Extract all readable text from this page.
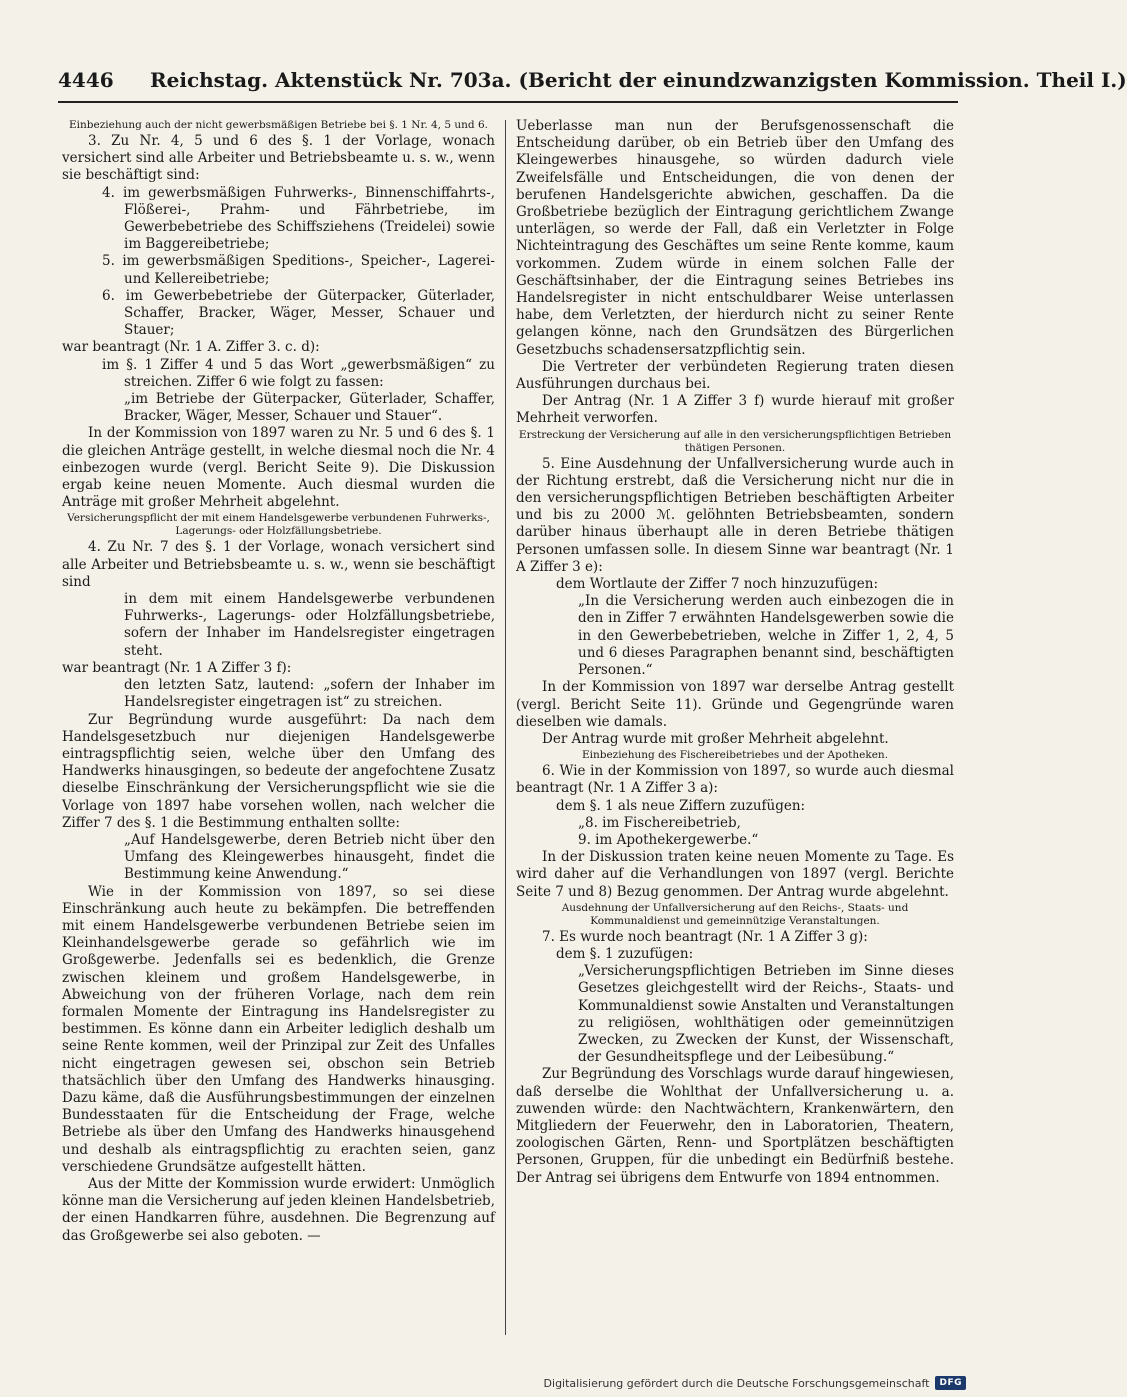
4446 Reichstag. Aktenstück Nr. 703a. (Bericht der einundzwanzigsten Kommission. Theil I.)

Einbeziehung auch der nicht gewerbsmäßigen Betriebe bei §. 1 Nr. 4, 5 und 6.

3. Zu Nr. 4, 5 und 6 des §. 1 der Vorlage, wonach versichert sind alle Arbeiter und Betriebsbeamte u. s. w., wenn sie beschäftigt sind:

4. im gewerbsmäßigen Fuhrwerks-, Binnenschiffahrts-, Flößerei-, Prahm- und Fährbetriebe, im Gewerbebetriebe des Schiffsziehens (Treidelei) sowie im Baggereibetriebe;

5. im gewerbsmäßigen Speditions-, Speicher-, Lagerei- und Kellereibetriebe;

6. im Gewerbebetriebe der Güterpacker, Güterlader, Schaffer, Bracker, Wäger, Messer, Schauer und Stauer;

war beantragt (Nr. 1 A. Ziffer 3. c. d):

im §. 1 Ziffer 4 und 5 das Wort „gewerbsmäßigen“ zu streichen. Ziffer 6 wie folgt zu fassen:

„im Betriebe der Güterpacker, Güterlader, Schaffer, Bracker, Wäger, Messer, Schauer und Stauer“.

In der Kommission von 1897 waren zu Nr. 5 und 6 des §. 1 die gleichen Anträge gestellt, in welche diesmal noch die Nr. 4 einbezogen wurde (vergl. Bericht Seite 9). Die Diskussion ergab keine neuen Momente. Auch diesmal wurden die Anträge mit großer Mehrheit abgelehnt.

Versicherungspflicht der mit einem Handelsgewerbe verbundenen Fuhrwerks-, Lagerungs- oder Holzfällungsbetriebe.

4. Zu Nr. 7 des §. 1 der Vorlage, wonach versichert sind alle Arbeiter und Betriebsbeamte u. s. w., wenn sie beschäftigt sind

in dem mit einem Handelsgewerbe verbundenen Fuhrwerks-, Lagerungs- oder Holzfällungsbetriebe, sofern der Inhaber im Handelsregister eingetragen steht.

war beantragt (Nr. 1 A Ziffer 3 f):

den letzten Satz, lautend: „sofern der Inhaber im Handelsregister eingetragen ist“ zu streichen.

Zur Begründung wurde ausgeführt: Da nach dem Handelsgesetzbuch nur diejenigen Handelsgewerbe eintragspflichtig seien, welche über den Umfang des Handwerks hinausgingen, so bedeute der angefochtene Zusatz dieselbe Einschränkung der Versicherungspflicht wie sie die Vorlage von 1897 habe vorsehen wollen, nach welcher die Ziffer 7 des §. 1 die Bestimmung enthalten sollte:

„Auf Handelsgewerbe, deren Betrieb nicht über den Umfang des Kleingewerbes hinausgeht, findet die Bestimmung keine Anwendung.“

Wie in der Kommission von 1897, so sei diese Einschränkung auch heute zu bekämpfen. Die betreffenden mit einem Handelsgewerbe verbundenen Betriebe seien im Kleinhandelsgewerbe gerade so gefährlich wie im Großgewerbe. Jedenfalls sei es bedenklich, die Grenze zwischen kleinem und großem Handelsgewerbe, in Abweichung von der früheren Vorlage, nach dem rein formalen Momente der Eintragung ins Handelsregister zu bestimmen. Es könne dann ein Arbeiter lediglich deshalb um seine Rente kommen, weil der Prinzipal zur Zeit des Unfalles nicht eingetragen gewesen sei, obschon sein Betrieb thatsächlich über den Umfang des Handwerks hinausging. Dazu käme, daß die Ausführungsbestimmungen der einzelnen Bundesstaaten für die Entscheidung der Frage, welche Betriebe als über den Umfang des Handwerks hinausgehend und deshalb als eintragspflichtig zu erachten seien, ganz verschiedene Grundsätze aufgestellt hätten.

Aus der Mitte der Kommission wurde erwidert: Unmöglich könne man die Versicherung auf jeden kleinen Handelsbetrieb, der einen Handkarren führe, ausdehnen. Die Begrenzung auf das Großgewerbe sei also geboten. —

Ueberlasse man nun der Berufsgenossenschaft die Entscheidung darüber, ob ein Betrieb über den Umfang des Kleingewerbes hinausgehe, so würden dadurch viele Zweifelsfälle und Entscheidungen, die von denen der berufenen Handelsgerichte abwichen, geschaffen. Da die Großbetriebe bezüglich der Eintragung gerichtlichem Zwange unterlägen, so werde der Fall, daß ein Verletzter in Folge Nichteintragung des Geschäftes um seine Rente komme, kaum vorkommen. Zudem würde in einem solchen Falle der Geschäftsinhaber, der die Eintragung seines Betriebes ins Handelsregister in nicht entschuldbarer Weise unterlassen habe, dem Verletzten, der hierdurch nicht zu seiner Rente gelangen könne, nach den Grundsätzen des Bürgerlichen Gesetzbuchs schadensersatzpflichtig sein.

Die Vertreter der verbündeten Regierung traten diesen Ausführungen durchaus bei.

Der Antrag (Nr. 1 A Ziffer 3 f) wurde hierauf mit großer Mehrheit verworfen.

Erstreckung der Versicherung auf alle in den versicherungspflichtigen Betrieben thätigen Personen.

5. Eine Ausdehnung der Unfallversicherung wurde auch in der Richtung erstrebt, daß die Versicherung nicht nur die in den versicherungspflichtigen Betrieben beschäftigten Arbeiter und bis zu 2000 ℳ. gelöhnten Betriebsbeamten, sondern darüber hinaus überhaupt alle in deren Betriebe thätigen Personen umfassen solle. In diesem Sinne war beantragt (Nr. 1 A Ziffer 3 e):

dem Wortlaute der Ziffer 7 noch hinzuzufügen:

„In die Versicherung werden auch einbezogen die in den in Ziffer 7 erwähnten Handelsgewerben sowie die in den Gewerbebetrieben, welche in Ziffer 1, 2, 4, 5 und 6 dieses Paragraphen benannt sind, beschäftigten Personen.“

In der Kommission von 1897 war derselbe Antrag gestellt (vergl. Bericht Seite 11). Gründe und Gegengründe waren dieselben wie damals.

Der Antrag wurde mit großer Mehrheit abgelehnt.

Einbeziehung des Fischereibetriebes und der Apotheken.

6. Wie in der Kommission von 1897, so wurde auch diesmal beantragt (Nr. 1 A Ziffer 3 a):

dem §. 1 als neue Ziffern zuzufügen:

„8. im Fischereibetrieb,

9. im Apothekergewerbe.“

In der Diskussion traten keine neuen Momente zu Tage. Es wird daher auf die Verhandlungen von 1897 (vergl. Berichte Seite 7 und 8) Bezug genommen. Der Antrag wurde abgelehnt.

Ausdehnung der Unfallversicherung auf den Reichs-, Staats- und Kommunaldienst und gemeinnützige Veranstaltungen.

7. Es wurde noch beantragt (Nr. 1 A Ziffer 3 g):

dem §. 1 zuzufügen:

„Versicherungspflichtigen Betrieben im Sinne dieses Gesetzes gleichgestellt wird der Reichs-, Staats- und Kommunaldienst sowie Anstalten und Veranstaltungen zu religiösen, wohlthätigen oder gemeinnützigen Zwecken, zu Zwecken der Kunst, der Wissenschaft, der Gesundheitspflege und der Leibesübung.“

Zur Begründung des Vorschlags wurde darauf hingewiesen, daß derselbe die Wohlthat der Unfallversicherung u. a. zuwenden würde: den Nachtwächtern, Krankenwärtern, den Mitgliedern der Feuerwehr, den in Laboratorien, Theatern, zoologischen Gärten, Renn- und Sportplätzen beschäftigten Personen, Gruppen, für die unbedingt ein Bedürfniß bestehe. Der Antrag sei übrigens dem Entwurfe von 1894 entnommen.

Digitalisierung gefördert durch die Deutsche Forschungsgemeinschaft	DFG
